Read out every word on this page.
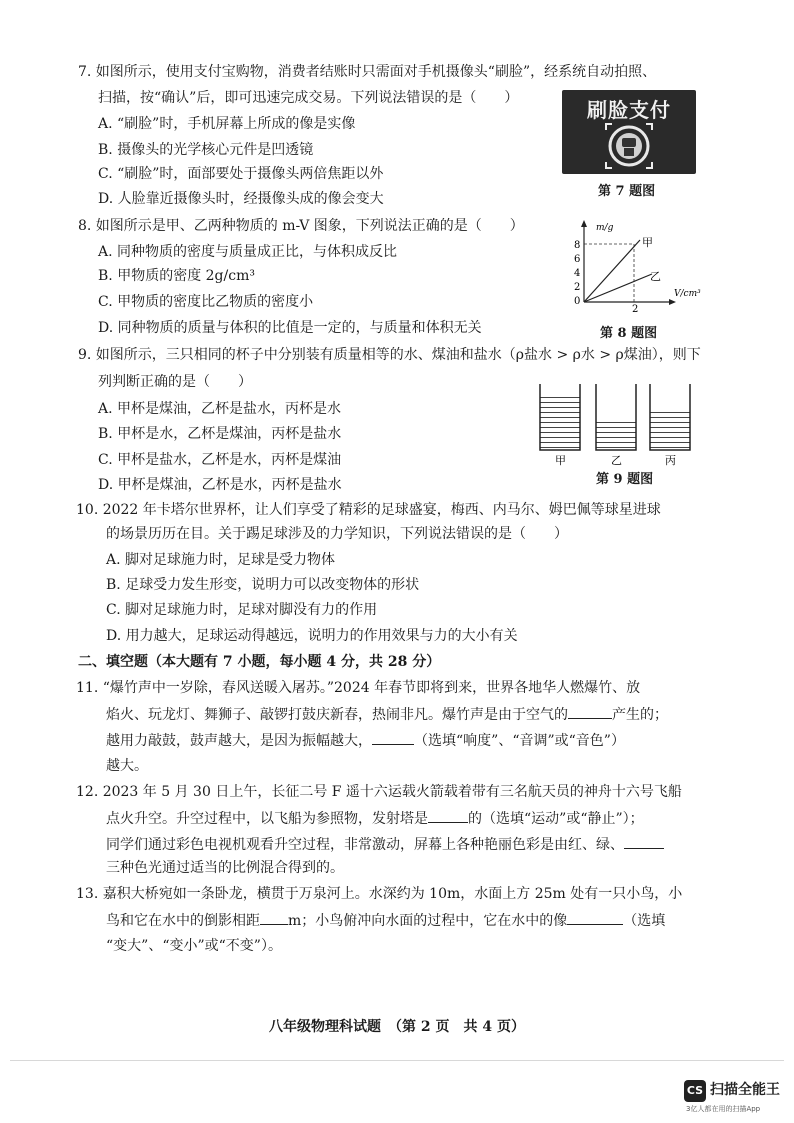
7. 如图所示，使用支付宝购物，消费者结账时只需面对手机摄像头“刷脸”，经系统自动拍照、
扫描，按“确认”后，即可迅速完成交易。下列说法错误的是（　　）
A. “刷脸”时，手机屏幕上所成的像是实像
B. 摄像头的光学核心元件是凹透镜
C. “刷脸”时，面部要处于摄像头两倍焦距以外
D. 人脸靠近摄像头时，经摄像头成的像会变大
刷脸支付
第 7 题图
8. 如图所示是甲、乙两种物质的 m-V 图象，下列说法正确的是（　　）
A. 同种物质的密度与质量成正比，与体积成反比
B. 甲物质的密度 2g/cm³
C. 甲物质的密度比乙物质的密度小
D. 同种物质的质量与体积的比值是一定的，与质量和体积无关
m/g
V/cm³
8
6
4
2
0
2
甲
乙
第 8 题图
9. 如图所示，三只相同的杯子中分别装有质量相等的水、煤油和盐水（ρ盐水 > ρ水 > ρ煤油），则下
列判断正确的是（　　）
A. 甲杯是煤油，乙杯是盐水，丙杯是水
B. 甲杯是水，乙杯是煤油，丙杯是盐水
C. 甲杯是盐水，乙杯是水，丙杯是煤油
D. 甲杯是煤油，乙杯是水，丙杯是盐水
甲	乙	丙
第 9 题图
10. 2022 年卡塔尔世界杯，让人们享受了精彩的足球盛宴，梅西、内马尔、姆巴佩等球星进球
的场景历历在目。关于踢足球涉及的力学知识，下列说法错误的是（　　）
A. 脚对足球施力时，足球是受力物体
B. 足球受力发生形变，说明力可以改变物体的形状
C. 脚对足球施力时，足球对脚没有力的作用
D. 用力越大，足球运动得越远，说明力的作用效果与力的大小有关
二、填空题（本大题有 7 小题，每小题 4 分，共 28 分）
11. “爆竹声中一岁除，春风送暖入屠苏。”2024 年春节即将到来，世界各地华人燃爆竹、放
焰火、玩龙灯、舞狮子、敲锣打鼓庆新春，热闹非凡。爆竹声是由于空气的	产生的；
越用力敲鼓，鼓声越大，是因为振幅越大，	（选填“响度”、“音调”或“音色”）
越大。
12. 2023 年 5 月 30 日上午，长征二号 F 遥十六运载火箭载着带有三名航天员的神舟十六号飞船
点火升空。升空过程中，以飞船为参照物，发射塔是	的（选填“运动”或“静止”）；
同学们通过彩色电视机观看升空过程，非常激动，屏幕上各种艳丽色彩是由红、绿、
三种色光通过适当的比例混合得到的。
13. 嘉积大桥宛如一条卧龙，横贯于万泉河上。水深约为 10m，水面上方 25m 处有一只小鸟，小
鸟和它在水中的倒影相距 m；小鸟俯冲向水面的过程中，它在水中的像	（选填
“变大”、“变小”或“不变”）。
八年级物理科试题　（第 2 页　共 4 页）
CS 扫描全能王
3亿人都在用的扫描App
